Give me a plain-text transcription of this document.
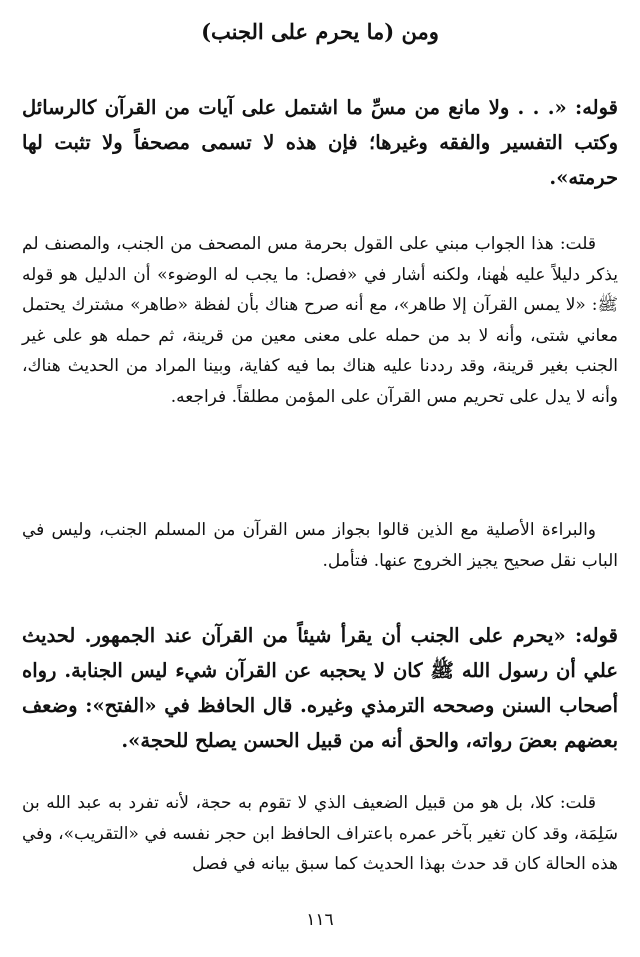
ومن (ما يحرم على الجنب)

قوله: «. . . ولا مانع من مسِّ ما اشتمل على آيات من القرآن كالرسائل وكتب التفسير والفقه وغيرها؛ فإن هذه لا تسمى مصحفاً ولا تثبت لها حرمته».

قلت: هذا الجواب مبني على القول بحرمة مس المصحف من الجنب، والمصنف لم يذكر دليلاً عليه هٰهنا، ولكنه أشار في «فصل: ما يجب له الوضوء» أن الدليل هو قوله ﷺ: «لا يمس القرآن إلا طاهر»، مع أنه صرح هناك بأن لفظة «طاهر» مشترك يحتمل معاني شتى، وأنه لا بد من حمله على معنى معين من قرينة، ثم حمله هو على غير الجنب بغير قرينة، وقد رددنا عليه هناك بما فيه كفاية، وبينا المراد من الحديث هناك، وأنه لا يدل على تحريم مس القرآن على المؤمن مطلقاً. فراجعه.

والبراءة الأصلية مع الذين قالوا بجواز مس القرآن من المسلم الجنب، وليس في الباب نقل صحيح يجيز الخروج عنها. فتأمل.

قوله: «يحرم على الجنب أن يقرأ شيئاً من القرآن عند الجمهور. لحديث علي أن رسول الله ﷺ كان لا يحجبه عن القرآن شيء ليس الجنابة. رواه أصحاب السنن وصححه الترمذي وغيره. قال الحافظ في «الفتح»: وضعف بعضهم بعضَ رواته، والحق أنه من قبيل الحسن يصلح للحجة».

قلت: كلا، بل هو من قبيل الضعيف الذي لا تقوم به حجة، لأنه تفرد به عبد الله بن سَلِمَة، وقد كان تغير بآخر عمره باعتراف الحافظ ابن حجر نفسه في «التقريب»، وفي هذه الحالة كان قد حدث بهذا الحديث كما سبق بيانه في فصل

١١٦
